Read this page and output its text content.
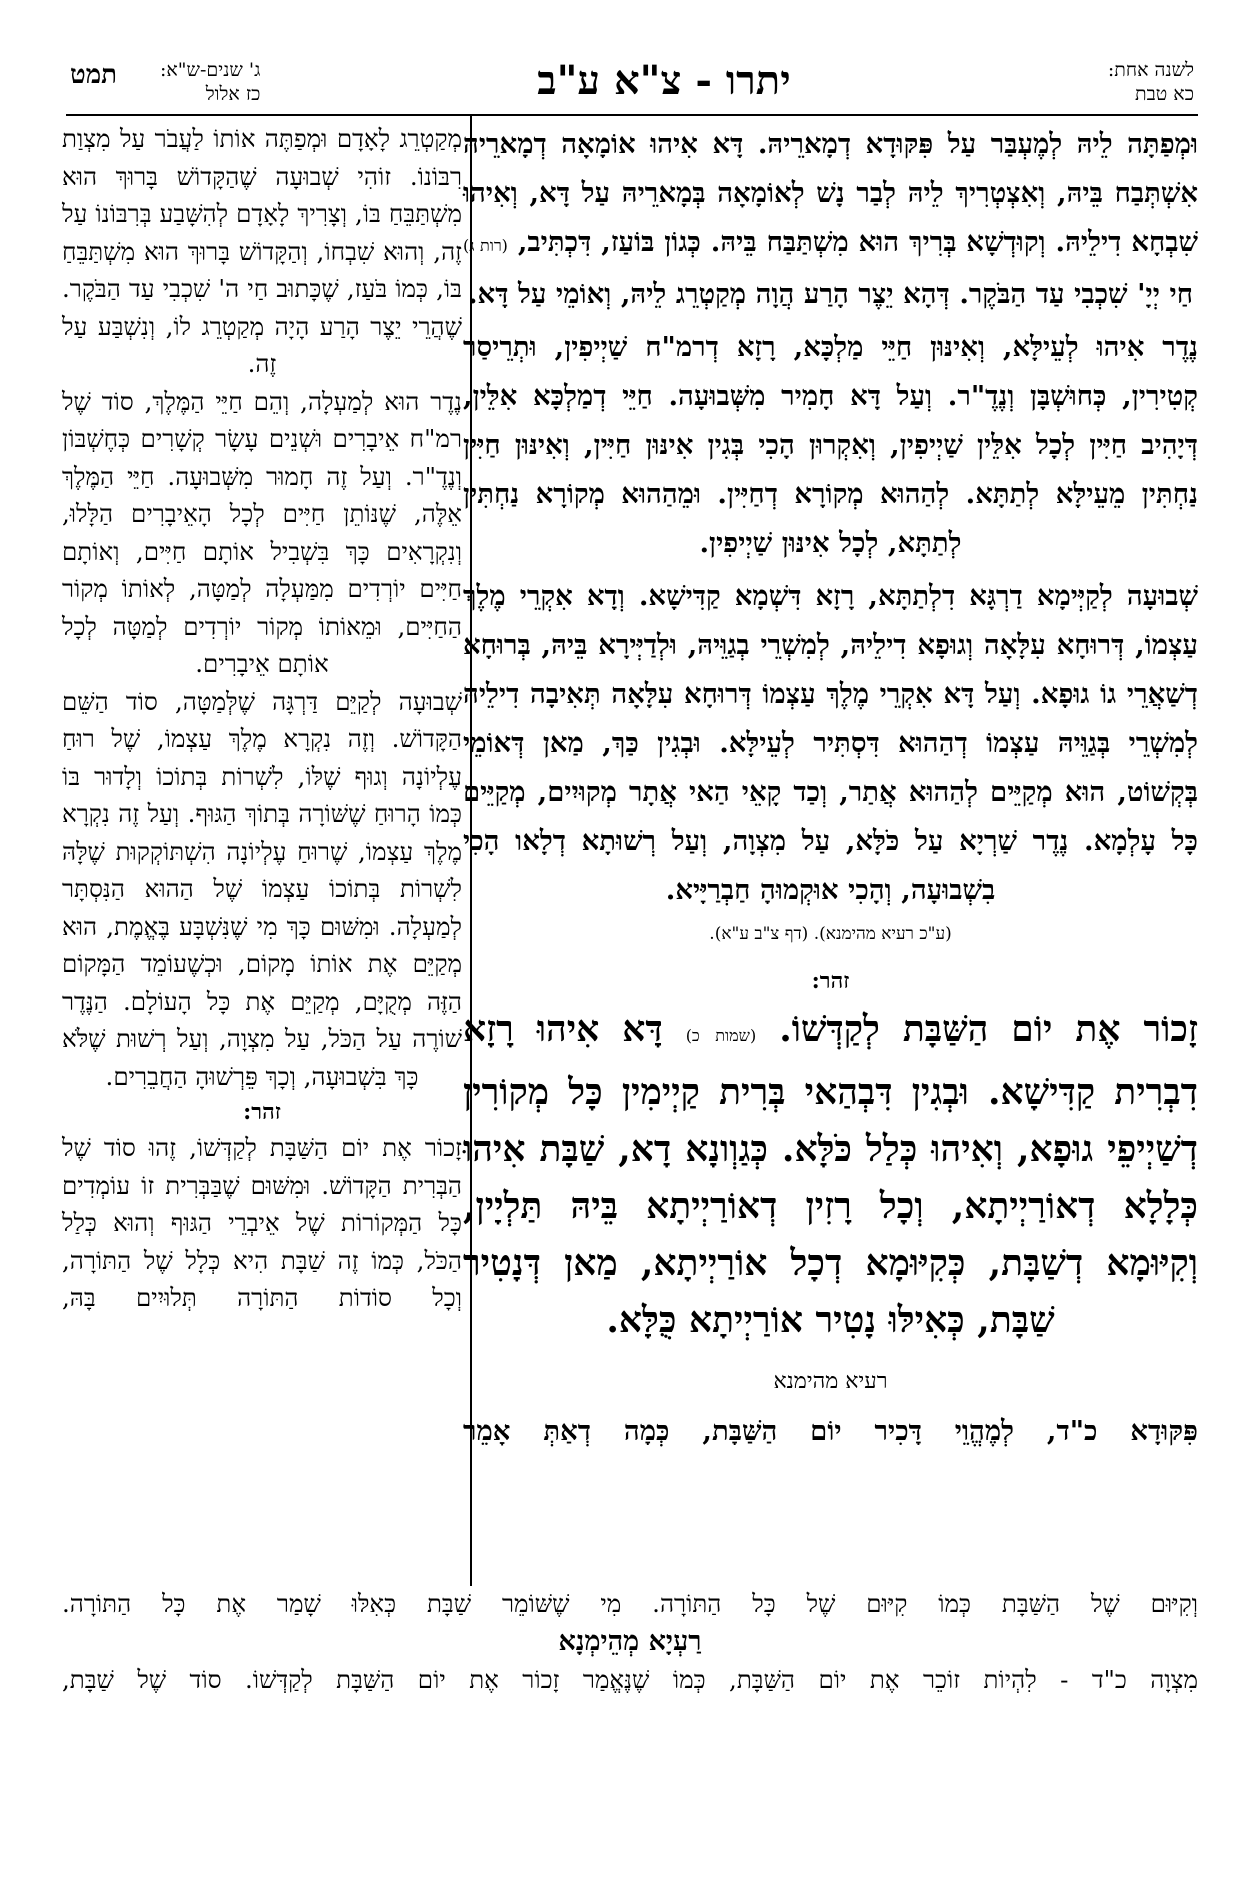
לשנה אחת:
כא טבת
יתרו - צ"א ע"ב
ג' שנים-ש"א:
כז אלול
תמט

וּמְפַתָּה לֵיהּ לְמֶעְבַּר עַל פִּקּוּדָא דְמָארֵיהּ. דָּא אִיהוּ אוֹמָאָה דְמָארֵיהּ אִשְׁתְּבַח בֵּיהּ, וְאִצְטְרִיךְ לֵיהּ לְבַר נָשׁ לְאוֹמָאָה בְּמָארֵיהּ עַל דָּא, וְאִיהוּ שִׁבְחָא דִילֵיהּ. וְקוּדְשָׁא בְּרִיךְ הוּא מִשְׁתַּבַּח בֵּיהּ. כְּגוֹן בּוֹעַז, דִּכְתִּיב, (רות ג) חַי יְיָ' שִׁכְבִי עַד הַבֹּקֶר. דְּהָא יֵצֶר הָרַע הֲוָה מְקַטְרֵג לֵיהּ, וְאוֹמֵי עַל דָּא.

נֶדֶר אִיהוּ לְעֵילָּא, וְאִינּוּן חַיֵּי מַלְכָּא, רָזָא דְרמ"ח שַׁיְיפִין, וּתְרֵיסַר קְטִירִין, כְּחוּשְׁבָּן וְנֶדֶ"ר. וְעַל דָּא חָמִיר מִשְּׁבוּעָה. חַיֵּי דְמַלְכָּא אִלֵּין, דְּיָהִיב חַיִּין לְכָל אִלֵּין שַׁיְיפִין, וְאִקְרוּן הָכִי בְּגִין אִינּוּן חַיִּין, וְאִינּוּן חַיִּין נַחְתִּין מֵעֵילָּא לְתַתָּא. לְהַהוּא מְקוֹרָא דְחַיִּין. וּמֵהַהוּא מְקוֹרָא נַחְתִּין לְתַתָּא, לְכָל אִינּוּן שַׁיְיפִין.

שְׁבוּעָה לְקַיְּימָא דַרְגָּא דִלְתַתָּא, רָזָא דִּשְׁמָא קַדִּישָׁא. וְדָא אִקְרֵי מֶלֶךְ עַצְמוֹ, דְּרוּחָא עִלָּאָה וְגוּפָא דִילֵיהּ, לְמִשְׁרֵי בְגַוֵּיהּ, וּלְדַיְּירָא בֵּיהּ, בְּרוּחָא דְשַׁאֲרֵי גוֹ גוּפָא. וְעַל דָּא אִקְרֵי מֶלֶךְ עַצְמוֹ דְּרוּחָא עִלָּאָה תְּאִיבָה דִילֵיהּ לְמִשְׁרֵי בְּגַוֵּיהּ עַצְמוֹ דְהַהוּא דִּסְתִּיר לְעֵילָּא. וּבְגִין כַּךְ, מַאן דְּאוֹמֵי בְּקְשׁוֹט, הוּא מְקַיֵּים לְהַהוּא אֲתַר, וְכַד קָאֵי הַאי אֲתָר מְקוּיִים, מְקַיֵּים כָּל עָלְמָא. נֶדֶר שַׁרְיָא עַל כֹּלָּא, עַל מִצְוָה, וְעַל רְשׁוּתָא דְלָאו הָכִי בִשְׁבוּעָה, וְהָכִי אוּקְמוּהָ חַבְרַיָּיא.

(ע"כ רעיא מהימנא). (דף צ"ב ע"א).

זהר:

זָכוֹר אֶת יוֹם הַשַּׁבָּת לְקַדְּשׁוֹ. (שמות כ) דָּא אִיהוּ רָזָא דִבְרִית קַדִּישָׁא. וּבְגִין דִּבְהַאי בְּרִית קַיְימִין כָּל מְקוֹרִין דְשַׁיְיפֵי גוּפָא, וְאִיהוּ כְּלַל כֹּלָּא. כְּגַוְונָא דָא, שַׁבָּת אִיהוּ כְּלָלָא דְאוֹרַיְיתָא, וְכָל רָזִין דְאוֹרַיְיתָא בֵּיהּ תַּלְיָין, וְקִיּוּמָא דְשַׁבָּת, כְּקִיּוּמָא דְכָל אוֹרַיְיתָא, מַאן דְּנָטִיר שַׁבָּת, כְּאִילּוּ נָטִיר אוֹרַיְיתָא כֻּלָּא.

רעיא מהימנא

פִּקּוּדָא כ"ד, לְמֶהֱוֵי דָּכִיר יוֹם הַשַּׁבָּת, כְּמָה דְאַתְּ אָמֵר

מְקַטְרֵג לָאָדָם וּמְפַתֶּה אוֹתוֹ לַעֲבֹר עַל מִצְוַת רִבּוֹנוֹ. זוֹהִי שְׁבוּעָה שֶׁהַקָּדוֹשׁ בָּרוּךְ הוּא מִשְׁתַּבֵּחַ בּוֹ, וְצָרִיךְ לָאָדָם לְהִשָּׁבַע בְּרִבּוֹנוֹ עַל זֶה, וְהוּא שִׁבְחוֹ, וְהַקָּדוֹשׁ בָּרוּךְ הוּא מִשְׁתַּבֵּחַ בּוֹ, כְּמוֹ בֹּעַז, שֶׁכָּתוּב חַי ה' שִׁכְבִי עַד הַבֹּקֶר. שֶׁהֲרֵי יֵצֶר הָרַע הָיָה מְקַטְרֵג לוֹ, וְנִשְׁבַּע עַל זֶה.

נֶדֶר הוּא לְמַעְלָה, וְהֵם חַיֵּי הַמֶּלֶךְ, סוֹד שֶׁל רמ"ח אֵיבָרִים וּשְׁנֵים עָשָׂר קְשָׁרִים כְּחֶשְׁבּוֹן וְנֶדֶ"ר. וְעַל זֶה חָמוּר מִשְּׁבוּעָה. חַיֵּי הַמֶּלֶךְ אֵלֶּה, שֶׁנּוֹתֵן חַיִּים לְכָל הָאֵיבָרִים הַלָּלוּ, וְנִקְרָאִים כָּךְ בִּשְׁבִיל אוֹתָם חַיִּים, וְאוֹתָם חַיִּים יוֹרְדִים מִמַּעְלָה לְמַטָּה, לְאוֹתוֹ מְקוֹר הַחַיִּים, וּמֵאוֹתוֹ מְקוֹר יוֹרְדִים לְמַטָּה לְכָל אוֹתָם אֵיבָרִים.

שְׁבוּעָה לְקַיֵּם דַּרְגָּה שֶׁלְּמַטָּה, סוֹד הַשֵּׁם הַקָּדוֹשׁ. וְזֶה נִקְרָא מֶלֶךְ עַצְמוֹ, שֶׁל רוּחַ עֶלְיוֹנָה וְגוּף שֶׁלּוֹ, לִשְׁרוֹת בְּתוֹכוֹ וְלָדוּר בּוֹ כְּמוֹ הָרוּחַ שֶׁשּׁוֹרָה בְּתוֹךְ הַגּוּף. וְעַל זֶה נִקְרָא מֶלֶךְ עַצְמוֹ, שֶׁרוּחַ עֶלְיוֹנָה הִשְׁתּוֹקְקוּת שֶׁלָּהּ לִשְׁרוֹת בְּתוֹכוֹ עַצְמוֹ שֶׁל הַהוּא הַנִּסְתָּר לְמַעְלָה. וּמִשּׁוּם כָּךְ מִי שֶׁנִּשְׁבָּע בֶּאֱמֶת, הוּא מְקַיֵּם אֶת אוֹתוֹ מָקוֹם, וּכְשֶׁעוֹמֵד הַמָּקוֹם הַזֶּה מְקֻיָּם, מְקַיֵּם אֶת כָּל הָעוֹלָם. הַנֶּדֶר שׁוֹרֶה עַל הַכֹּל, עַל מִצְוָה, וְעַל רְשׁוּת שֶׁלֹּא כָּךְ בִּשְׁבוּעָה, וְכָךְ פֵּרְשׁוּהָ הַחֲבֵרִים.

זהר:

זָכוֹר אֶת יוֹם הַשַּׁבָּת לְקַדְּשׁוֹ, זֶהוּ סוֹד שֶׁל הַבְּרִית הַקָּדוֹשׁ. וּמִשּׁוּם שֶׁבַּבְּרִית זוֹ עוֹמְדִים כָּל הַמְּקוֹרוֹת שֶׁל אֵיבְרֵי הַגּוּף וְהוּא כְּלַל הַכֹּל, כְּמוֹ זֶה שַׁבָּת הִיא כְּלָל שֶׁל הַתּוֹרָה, וְכָל סוֹדוֹת הַתּוֹרָה תְּלוּיִים בָּהּ,

וְקִיּוּם שֶׁל הַשַּׁבָּת כְּמוֹ קִיּוּם שֶׁל כָּל הַתּוֹרָה. מִי שֶׁשּׁוֹמֵר שַׁבָּת כְּאִלּוּ שָׁמַר אֶת כָּל הַתּוֹרָה.

רַעְיָא מְהֵימְנָא

מִצְוָה כ"ד - לִהְיוֹת זוֹכֵר אֶת יוֹם הַשַּׁבָּת, כְּמוֹ שֶׁנֶּאֱמַר זָכוֹר אֶת יוֹם הַשַּׁבָּת לְקַדְּשׁוֹ. סוֹד שֶׁל שַׁבָּת,
